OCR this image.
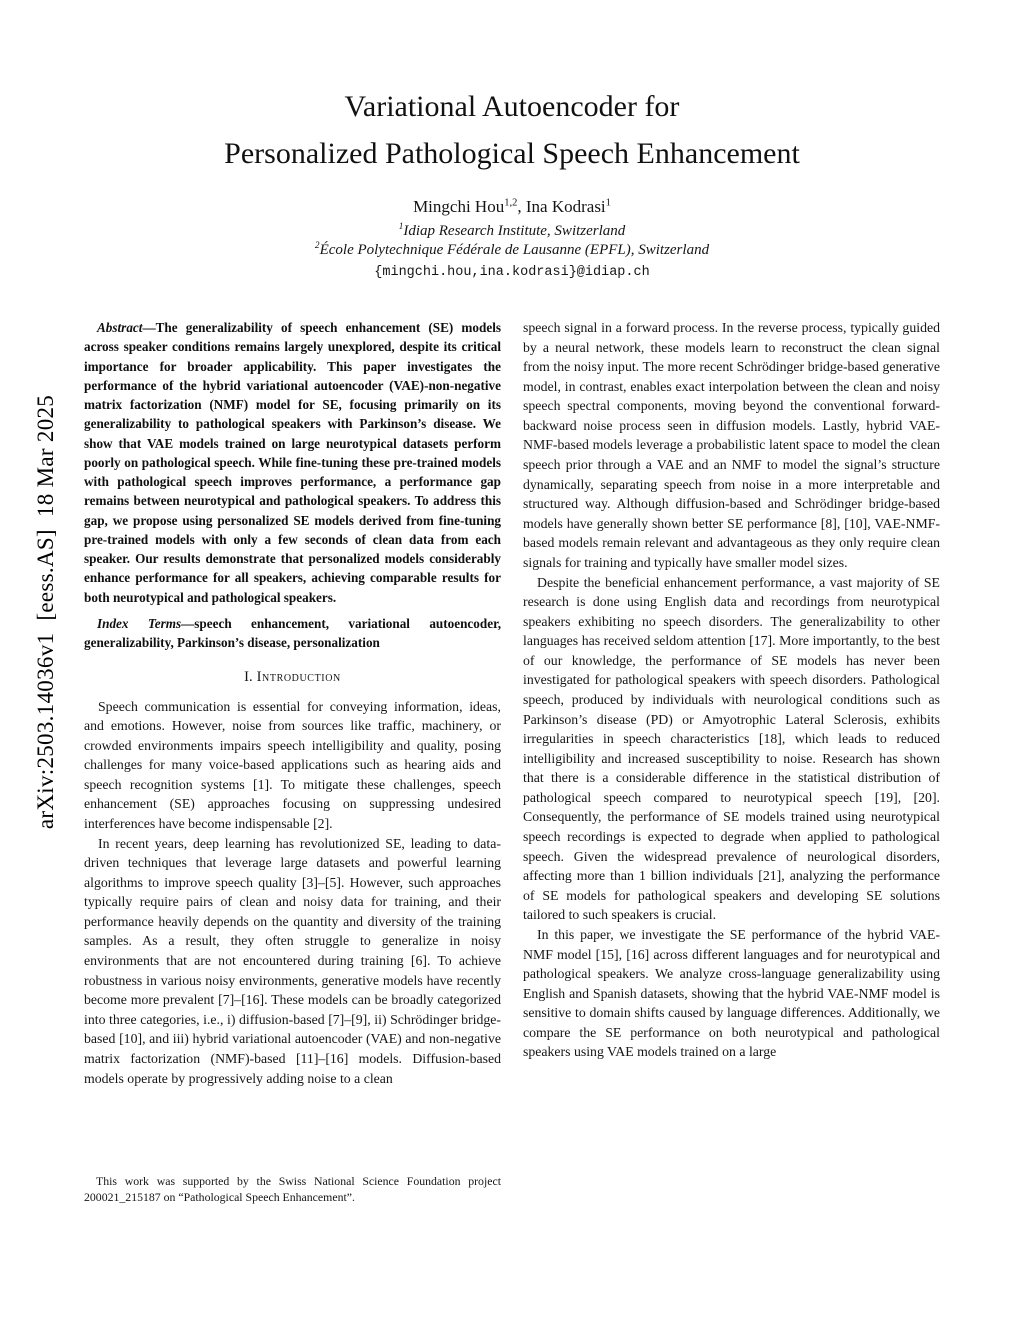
arXiv:2503.14036v1  [eess.AS]  18 Mar 2025
Variational Autoencoder for
Personalized Pathological Speech Enhancement
Mingchi Hou$^{1,2}$, Ina Kodrasi$^1$
$^1$Idiap Research Institute, Switzerland
$^2$École Polytechnique Fédérale de Lausanne (EPFL), Switzerland
{mingchi.hou,ina.kodrasi}@idiap.ch

Abstract—The generalizability of speech enhancement (SE) models across speaker conditions remains largely unexplored, despite its critical importance for broader applicability. This paper investigates the performance of the hybrid variational autoencoder (VAE)-non-negative matrix factorization (NMF) model for SE, focusing primarily on its generalizability to pathological speakers with Parkinson’s disease. We show that VAE models trained on large neurotypical datasets perform poorly on pathological speech. While fine-tuning these pre-trained models with pathological speech improves performance, a performance gap remains between neurotypical and pathological speakers. To address this gap, we propose using personalized SE models derived from fine-tuning pre-trained models with only a few seconds of clean data from each speaker. Our results demonstrate that personalized models considerably enhance performance for all speakers, achieving comparable results for both neurotypical and pathological speakers.

Index Terms—speech enhancement, variational autoencoder, generalizability, Parkinson’s disease, personalization

I. Introduction

Speech communication is essential for conveying information, ideas, and emotions. However, noise from sources like traffic, machinery, or crowded environments impairs speech intelligibility and quality, posing challenges for many voice-based applications such as hearing aids and speech recognition systems [1]. To mitigate these challenges, speech enhancement (SE) approaches focusing on suppressing undesired interferences have become indispensable [2].

In recent years, deep learning has revolutionized SE, leading to data-driven techniques that leverage large datasets and powerful learning algorithms to improve speech quality [3]–[5]. However, such approaches typically require pairs of clean and noisy data for training, and their performance heavily depends on the quantity and diversity of the training samples. As a result, they often struggle to generalize in noisy environments that are not encountered during training [6]. To achieve robustness in various noisy environments, generative models have recently become more prevalent [7]–[16]. These models can be broadly categorized into three categories, i.e., i) diffusion-based [7]–[9], ii) Schrödinger bridge-based [10], and iii) hybrid variational autoencoder (VAE) and non-negative matrix factorization (NMF)-based [11]–[16] models. Diffusion-based models operate by progressively adding noise to a clean

This work was supported by the Swiss National Science Foundation project 200021_215187 on “Pathological Speech Enhancement”.

speech signal in a forward process. In the reverse process, typically guided by a neural network, these models learn to reconstruct the clean signal from the noisy input. The more recent Schrödinger bridge-based generative model, in contrast, enables exact interpolation between the clean and noisy speech spectral components, moving beyond the conventional forward-backward noise process seen in diffusion models. Lastly, hybrid VAE-NMF-based models leverage a probabilistic latent space to model the clean speech prior through a VAE and an NMF to model the signal’s structure dynamically, separating speech from noise in a more interpretable and structured way. Although diffusion-based and Schrödinger bridge-based models have generally shown better SE performance [8], [10], VAE-NMF-based models remain relevant and advantageous as they only require clean signals for training and typically have smaller model sizes.

Despite the beneficial enhancement performance, a vast majority of SE research is done using English data and recordings from neurotypical speakers exhibiting no speech disorders. The generalizability to other languages has received seldom attention [17]. More importantly, to the best of our knowledge, the performance of SE models has never been investigated for pathological speakers with speech disorders. Pathological speech, produced by individuals with neurological conditions such as Parkinson’s disease (PD) or Amyotrophic Lateral Sclerosis, exhibits irregularities in speech characteristics [18], which leads to reduced intelligibility and increased susceptibility to noise. Research has shown that there is a considerable difference in the statistical distribution of pathological speech compared to neurotypical speech [19], [20]. Consequently, the performance of SE models trained using neurotypical speech recordings is expected to degrade when applied to pathological speech. Given the widespread prevalence of neurological disorders, affecting more than 1 billion individuals [21], analyzing the performance of SE models for pathological speakers and developing SE solutions tailored to such speakers is crucial.

In this paper, we investigate the SE performance of the hybrid VAE-NMF model [15], [16] across different languages and for neurotypical and pathological speakers. We analyze cross-language generalizability using English and Spanish datasets, showing that the hybrid VAE-NMF model is sensitive to domain shifts caused by language differences. Additionally, we compare the SE performance on both neurotypical and pathological speakers using VAE models trained on a large
